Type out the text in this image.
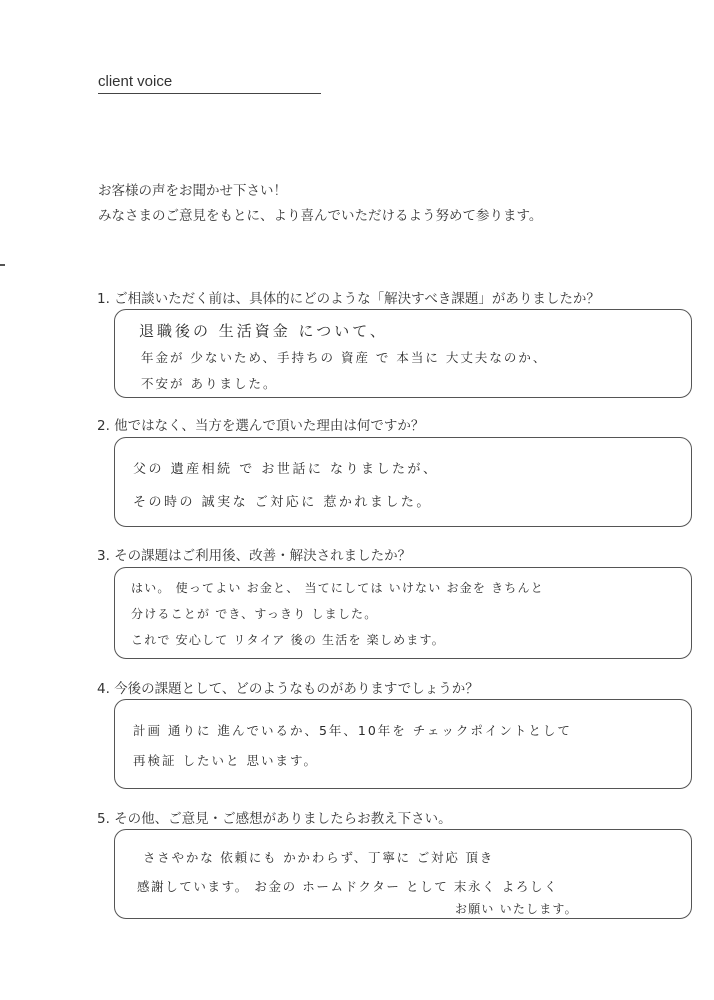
client voice
お客様の声をお聞かせ下さい！
みなさまのご意見をもとに、より喜んでいただけるよう努めて参ります。
1. ご相談いただく前は、具体的にどのような「解決すべき課題」がありましたか？
退職後の 生活資金 について、
年金が 少ないため、手持ちの 資産 で 本当に 大丈夫なのか、
不安が ありました。
2. 他ではなく、当方を選んで頂いた理由は何ですか？
父の 遺産相続 で お世話に なりましたが、
その時の 誠実な ご対応に 惹かれました。
3. その課題はご利用後、改善・解決されましたか？
はい。 使ってよい お金と、 当てにしては いけない お金を きちんと
分けることが でき、すっきり しました。
これで 安心して リタイア 後の 生活を 楽しめます。
4. 今後の課題として、どのようなものがありますでしょうか？
計画 通りに 進んでいるか、5年、10年を チェックポイントとして
再検証 したいと 思います。
5. その他、ご意見・ご感想がありましたらお教え下さい。
ささやかな 依頼にも かかわらず、丁寧に ご対応 頂き
感謝しています。 お金の ホームドクター として 末永く よろしく
お願い いたします。
